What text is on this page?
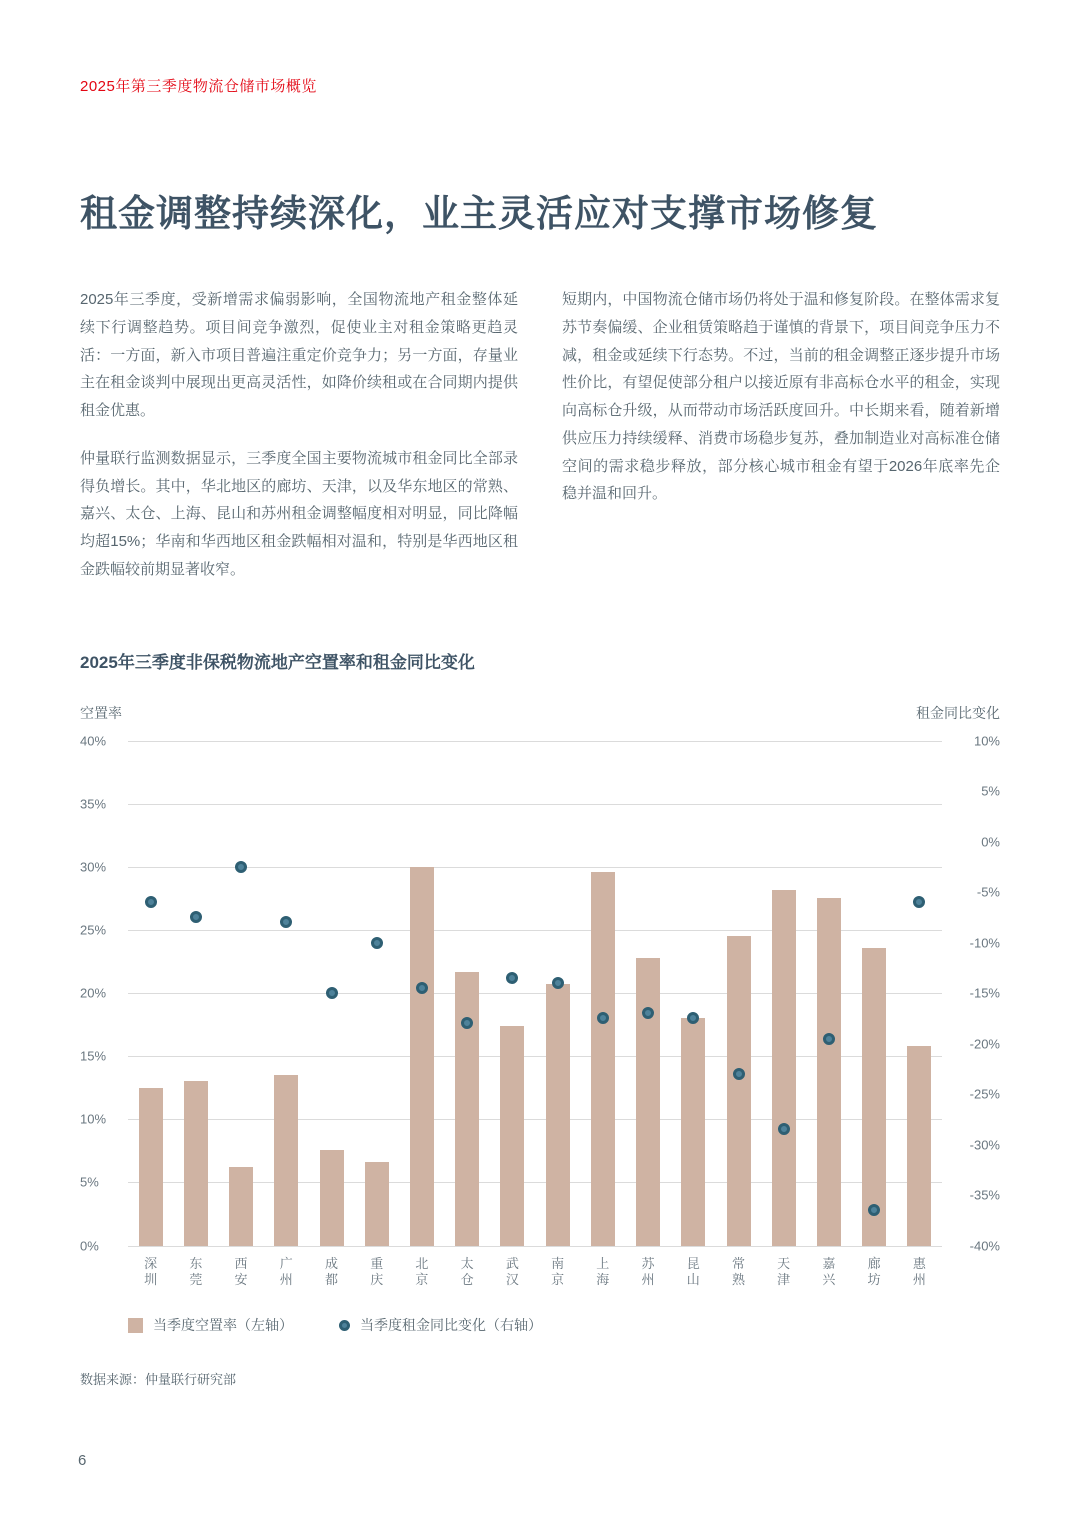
2025年第三季度物流仓储市场概览
租金调整持续深化，业主灵活应对支撑市场修复

2025年三季度，受新增需求偏弱影响，全国物流地产租金整体延续下行调整趋势。项目间竞争激烈，促使业主对租金策略更趋灵活：一方面，新入市项目普遍注重定价竞争力；另一方面，存量业主在租金谈判中展现出更高灵活性，如降价续租或在合同期内提供租金优惠。

仲量联行监测数据显示，三季度全国主要物流城市租金同比全部录得负增长。其中，华北地区的廊坊、天津，以及华东地区的常熟、嘉兴、太仓、上海、昆山和苏州租金调整幅度相对明显，同比降幅均超15%；华南和华西地区租金跌幅相对温和，特别是华西地区租金跌幅较前期显著收窄。

短期内，中国物流仓储市场仍将处于温和修复阶段。在整体需求复苏节奏偏缓、企业租赁策略趋于谨慎的背景下，项目间竞争压力不减，租金或延续下行态势。不过，当前的租金调整正逐步提升市场性价比，有望促使部分租户以接近原有非高标仓水平的租金，实现向高标仓升级，从而带动市场活跃度回升。中长期来看，随着新增供应压力持续缓释、消费市场稳步复苏，叠加制造业对高标准仓储空间的需求稳步释放，部分核心城市租金有望于2026年底率先企稳并温和回升。

2025年三季度非保税物流地产空置率和租金同比变化
空置率	租金同比变化
40%
35%
30%
25%
20%
15%
10%
5%
0%
10%
5%
0%
-5%
-10%
-15%
-20%
-25%
-30%
-35%
-40%
深
圳
东
莞
西
安
广
州
成
都
重
庆
北
京
太
仓
武
汉
南
京
上
海
苏
州
昆
山
常
熟
天
津
嘉
兴
廊
坊
惠
州
当季度空置率（左轴）	当季度租金同比变化（右轴）
数据来源：仲量联行研究部
6
